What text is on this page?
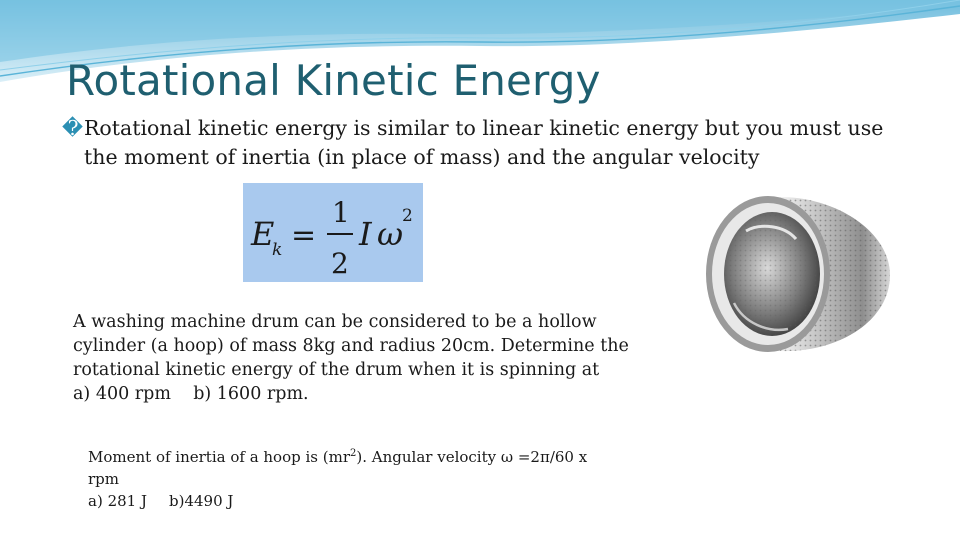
Rotational Kinetic Energy
�Rotational kinetic energy is similar to linear kinetic energy but you must use
the moment of inertia (in place of mass) and the angular velocity
E
k =
1
2
I ω
2
A washing machine drum can be considered to be a hollow
cylinder (a hoop) of mass 8kg and radius 20cm. Determine the
rotational kinetic energy of the drum when it is spinning at
a) 400 rpm    b) 1600 rpm.
Moment of inertia of a hoop is $(mr^2)$. Angular velocity ω =2π/60 x
rpm
a) 281 J b)4490 J
